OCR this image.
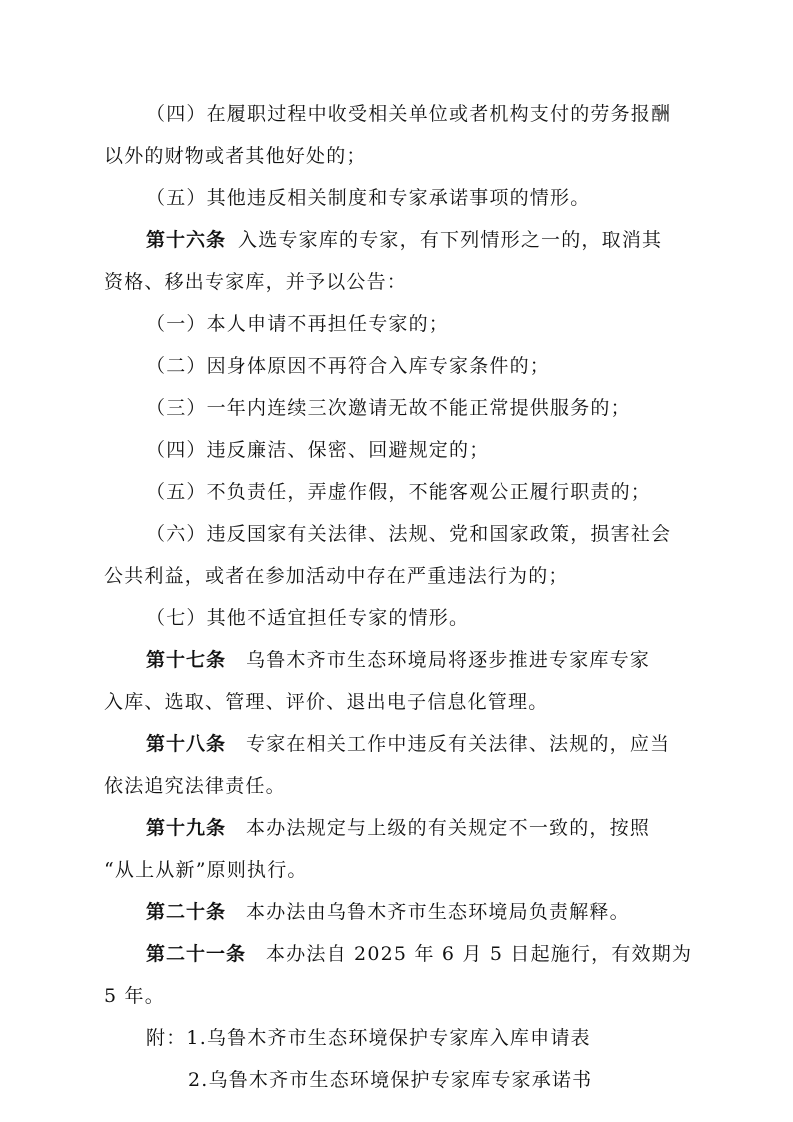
（四）在履职过程中收受相关单位或者机构支付的劳务报酬
以外的财物或者其他好处的；
（五）其他违反相关制度和专家承诺事项的情形。
第十六条 入选专家库的专家，有下列情形之一的，取消其
资格、移出专家库，并予以公告：
（一）本人申请不再担任专家的；
（二）因身体原因不再符合入库专家条件的；
（三）一年内连续三次邀请无故不能正常提供服务的；
（四）违反廉洁、保密、回避规定的；
（五）不负责任，弄虚作假，不能客观公正履行职责的；
（六）违反国家有关法律、法规、党和国家政策，损害社会
公共利益，或者在参加活动中存在严重违法行为的；
（七）其他不适宜担任专家的情形。
第十七条 乌鲁木齐市生态环境局将逐步推进专家库专家
入库、选取、管理、评价、退出电子信息化管理。
第十八条 专家在相关工作中违反有关法律、法规的，应当
依法追究法律责任。
第十九条 本办法规定与上级的有关规定不一致的，按照
“从上从新”原则执行。
第二十条 本办法由乌鲁木齐市生态环境局负责解释。
第二十一条 本办法自 2025 年 6 月 5 日起施行，有效期为
5 年。
附：1.乌鲁木齐市生态环境保护专家库入库申请表
2.乌鲁木齐市生态环境保护专家库专家承诺书
